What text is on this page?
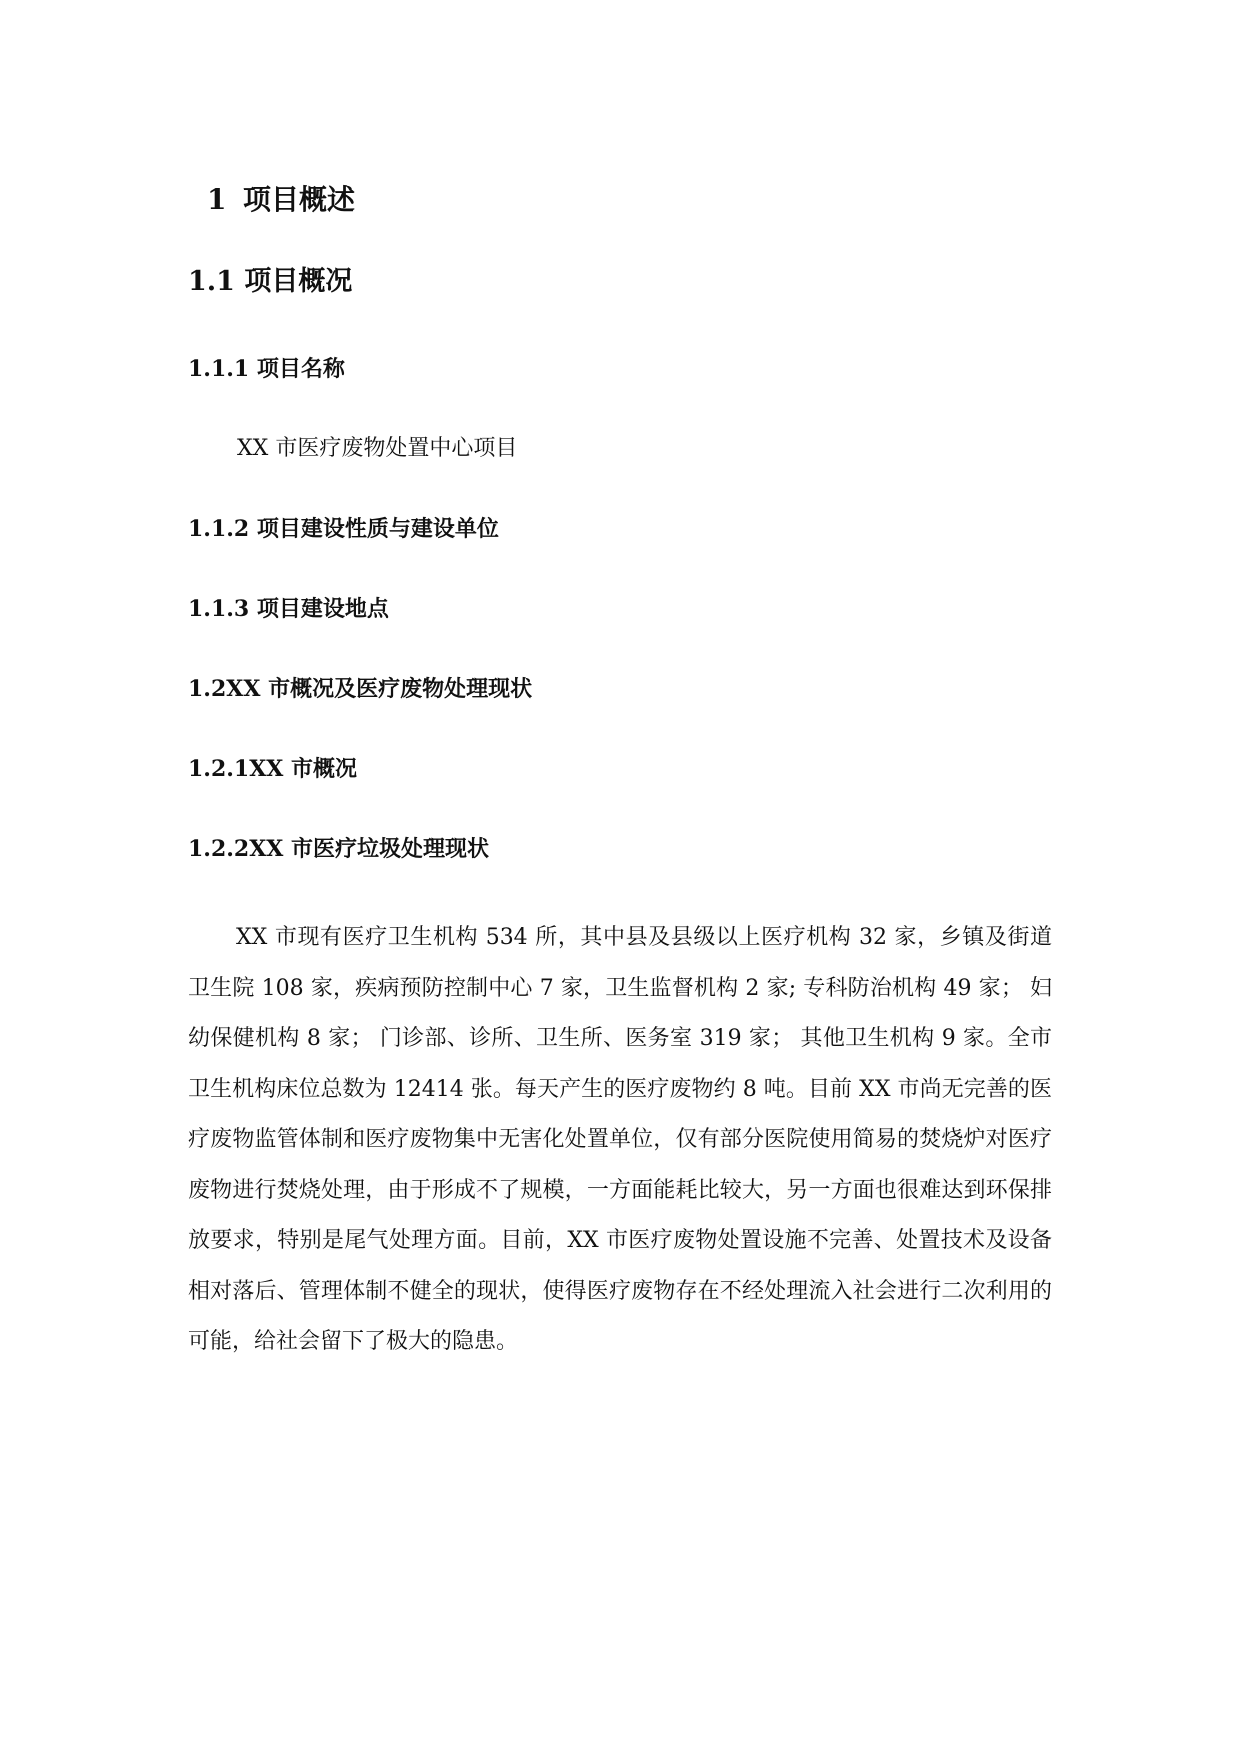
1 项目概述
1.1 项目概况
1.1.1 项目名称
XX 市医疗废物处置中心项目
1.1.2 项目建设性质与建设单位
1.1.3 项目建设地点
1.2XX 市概况及医疗废物处理现状
1.2.1XX 市概况
1.2.2XX 市医疗垃圾处理现状

XX 市现有医疗卫生机构 534 所，其中县及县级以上医疗机构 32 家，乡镇及街道卫生院 108 家，疾病预防控制中心 7 家，卫生监督机构 2 家; 专科防治机构 49 家； 妇幼保健机构 8 家； 门诊部、诊所、卫生所、医务室 319 家； 其他卫生机构 9 家。全市卫生机构床位总数为 12414 张。每天产生的医疗废物约 8 吨。目前 XX 市尚无完善的医疗废物监管体制和医疗废物集中无害化处置单位，仅有部分医院使用简易的焚烧炉对医疗废物进行焚烧处理，由于形成不了规模，一方面能耗比较大，另一方面也很难达到环保排放要求，特别是尾气处理方面。目前，XX 市医疗废物处置设施不完善、处置技术及设备相对落后、管理体制不健全的现状，使得医疗废物存在不经处理流入社会进行二次利用的可能，给社会留下了极大的隐患。
